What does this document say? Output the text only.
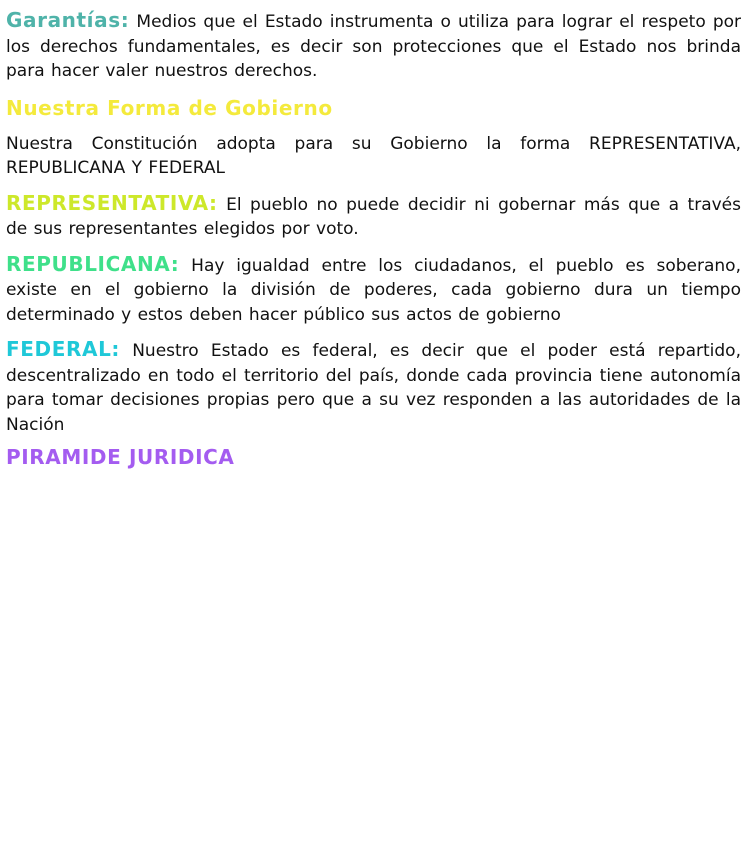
Garantías: Medios que el Estado instrumenta o utiliza para lograr el respeto por los derechos fundamentales, es decir son protecciones que el Estado nos brinda para hacer valer nuestros derechos.

Nuestra Forma de Gobierno

Nuestra Constitución adopta para su Gobierno la forma REPRESENTATIVA, REPUBLICANA Y FEDERAL

REPRESENTATIVA: El pueblo no puede decidir ni gobernar más que a través de sus representantes elegidos por voto.

REPUBLICANA: Hay igualdad entre los ciudadanos, el pueblo es soberano, existe en el gobierno la división de poderes, cada gobierno dura un tiempo determinado y estos deben hacer público sus actos de gobierno

FEDERAL: Nuestro Estado es federal, es decir que el poder está repartido, descentralizado en todo el territorio del país, donde cada provincia tiene autonomía para tomar decisiones propias pero que a su vez responden a las autoridades de la Nación

PIRAMIDE JURIDICA
